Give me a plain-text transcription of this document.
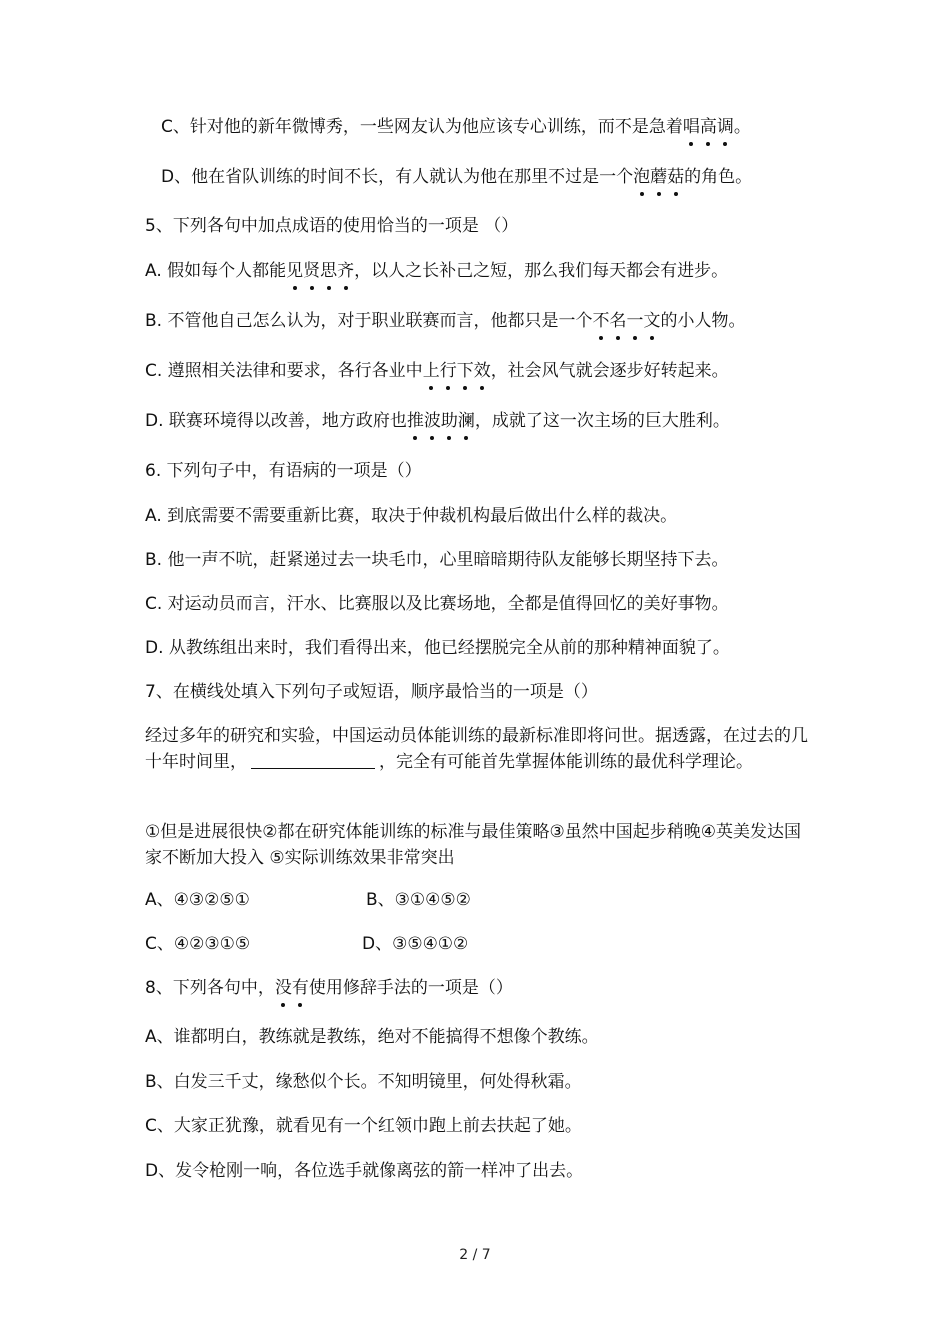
C、针对他的新年微博秀，一些网友认为他应该专心训练，而不是急着唱高调。
D、他在省队训练的时间不长，有人就认为他在那里不过是一个泡蘑菇的角色。
5、下列各句中加点成语的使用恰当的一项是 （）
A. 假如每个人都能见贤思齐，以人之长补己之短，那么我们每天都会有进步。
B. 不管他自己怎么认为，对于职业联赛而言，他都只是一个不名一文的小人物。
C. 遵照相关法律和要求，各行各业中上行下效，社会风气就会逐步好转起来。
D. 联赛环境得以改善，地方政府也推波助澜，成就了这一次主场的巨大胜利。
6. 下列句子中，有语病的一项是（）
A. 到底需要不需要重新比赛，取决于仲裁机构最后做出什么样的裁决。
B. 他一声不吭，赶紧递过去一块毛巾，心里暗暗期待队友能够长期坚持下去。
C. 对运动员而言，汗水、比赛服以及比赛场地，全都是值得回忆的美好事物。
D. 从教练组出来时，我们看得出来，他已经摆脱完全从前的那种精神面貌了。
7、在横线处填入下列句子或短语，顺序最恰当的一项是（）
经过多年的研究和实验，中国运动员体能训练的最新标准即将问世。据透露，在过去的几十年时间里，	，完全有可能首先掌握体能训练的最优科学理论。
①但是进展很快②都在研究体能训练的标准与最佳策略③虽然中国起步稍晚④英美发达国家不断加大投入 ⑤实际训练效果非常突出
A、④③②⑤①	B、③①④⑤②
C、④②③①⑤	D、③⑤④①②
8、下列各句中，没有使用修辞手法的一项是（）
A、谁都明白，教练就是教练，绝对不能搞得不想像个教练。
B、白发三千丈，缘愁似个长。不知明镜里，何处得秋霜。
C、大家正犹豫，就看见有一个红领巾跑上前去扶起了她。
D、发令枪刚一响，各位选手就像离弦的箭一样冲了出去。
2 / 7
